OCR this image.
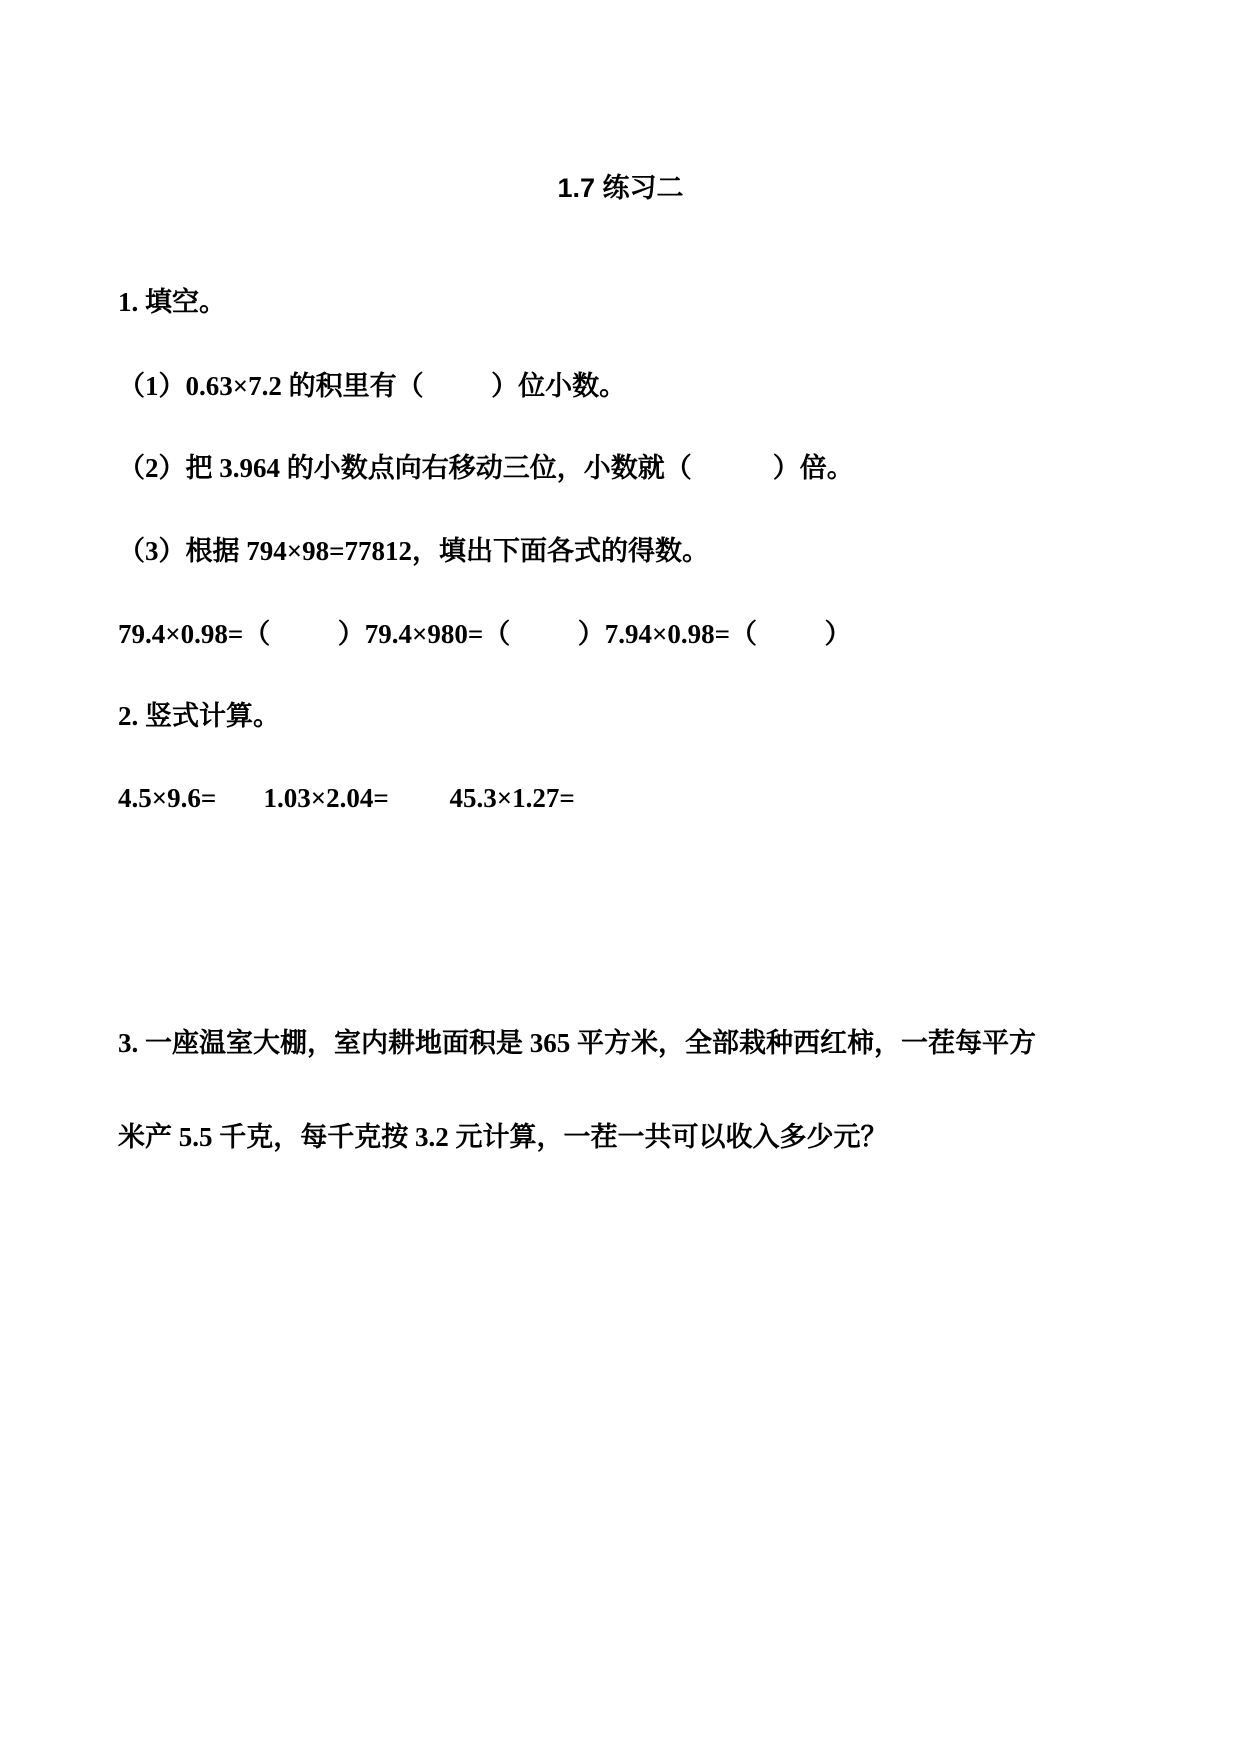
1.7 练习二
1. 填空。
（1）0.63×7.2 的积里有（          ）位小数。
（2）把 3.964 的小数点向右移动三位，小数就（            ）倍。
（3）根据 794×98=77812，填出下面各式的得数。
79.4×0.98=（          ）79.4×980=（          ）7.94×0.98=（          ）
2. 竖式计算。
4.5×9.6=       1.03×2.04=         45.3×1.27=
3. 一座温室大棚，室内耕地面积是 365 平方米，全部栽种西红柿，一茬每平方
米产 5.5 千克，每千克按 3.2 元计算，一茬一共可以收入多少元？
